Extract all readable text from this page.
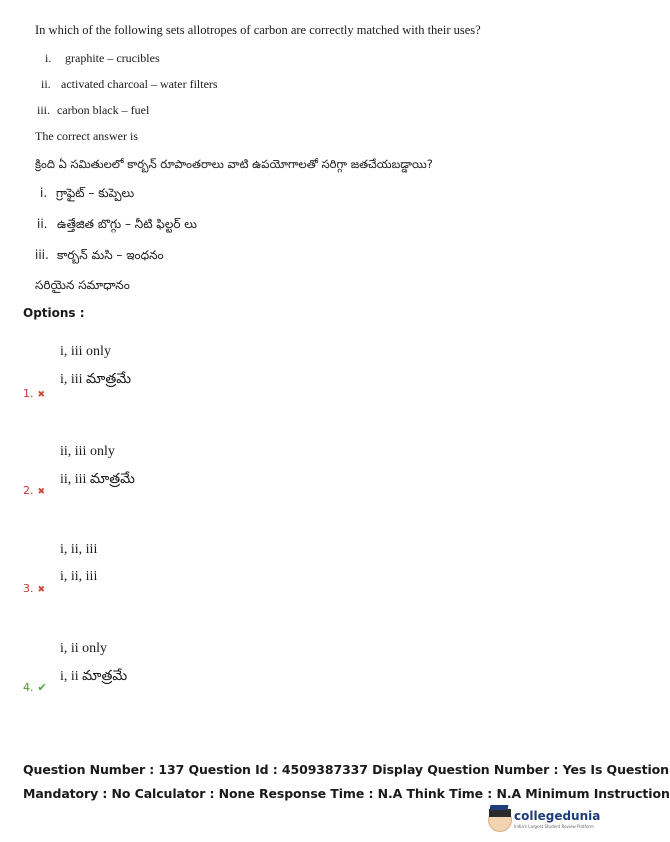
In which of the following sets allotropes of carbon are correctly matched with their uses?
i. graphite – crucibles
ii. activated charcoal – water filters
iii. carbon black – fuel
The correct answer is
క్రింది ఏ సమితులలో కార్బన్ రూపాంతరాలు వాటి ఉపయోగాలతో సరిగ్గా జతచేయబడ్డాయి?
i. గ్రాఫైట్ – కుప్పెలు
ii. ఉత్తేజిత బొగ్గు – నీటి ఫిల్టర్ లు
iii. కార్బన్ మసి – ఇంధనం
సరియైన సమాధానం
Options :
i, iii only
i, iii మాత్రమే
1. ✖
ii, iii only
ii, iii మాత్రమే
2. ✖
i, ii, iii
i, ii, iii
3. ✖
i, ii only
i, ii మాత్రమే
4. ✔
Question Number : 137 Question Id : 4509387337 Display Question Number : Yes Is Question
Mandatory : No Calculator : None Response Time : N.A Think Time : N.A Minimum Instruction
collegedunia
India's Largest Student Review Platform
